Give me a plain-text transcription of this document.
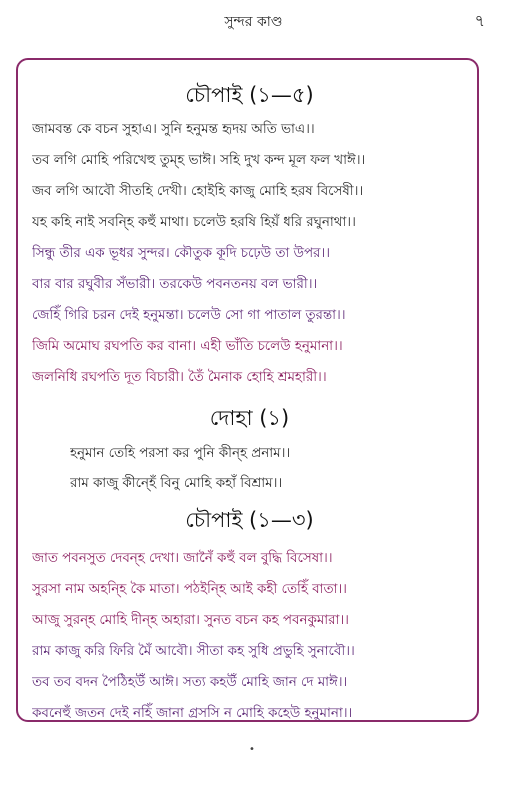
সুন্দর কাণ্ড	৭
চৌপাই (১—৫)
জামবন্ত কে বচন সুহাএ। সুনি হনুমন্ত হৃদয় অতি ভাএ।।
তব লগি মোহি পরিখেহু তুম্হ ভাঈ। সহি দুখ কন্দ মূল ফল খাঈ।।
জব লগি আবৌ সীতহি দেখী। হোইহি কাজু মোহি হরষ বিসেষী।।
যহ কহি নাই সবন্হি কহুঁ মাথা। চলেউ হরষি হিয়ঁ ধরি রঘুনাথা।।
সিন্ধু তীর এক ভূধর সুন্দর। কৌতুক কূদি চঢ়েউ তা উপর।।
বার বার রঘুবীর সঁভারী। তরকেউ পবনতনয় বল ভারী।।
জেহিঁ গিরি চরন দেই হনুমন্তা। চলেউ সো গা পাতাল তুরন্তা।।
জিমি অমোঘ রঘপতি কর বানা। এহী ভাঁতি চলেউ হনুমানা।।
জলনিধি রঘপতি দূত বিচারী। তৈঁ মৈনাক হোহি শ্রমহারী।।
দোহা (১)
হনুমান তেহি পরসা কর পুনি কীন্হ প্রনাম।।
রাম কাজু কীন্হেঁ বিনু মোহি কহাঁ বিশ্রাম।।
চৌপাই (১—৩)
জাত পবনসুত দেবন্হ দেখা। জানৈঁ কহুঁ বল বুদ্ধি বিসেষা।।
সুরসা নাম অহন্হি কৈ মাতা। পঠইন্হি আই কহী তেহিঁ বাতা।।
আজু সুরন্হ মোহি দীন্হ অহারা। সুনত বচন কহ পবনকুমারা।।
রাম কাজু করি ফিরি মৈঁ আবৌ। সীতা কহ সুধি প্রভুহি সুনাবৌ।।
তব তব বদন পৈঠিহউঁ আঈ। সত্য কহউঁ মোহি জান দে মাঈ।।
কবনেহুঁ জতন দেই নহিঁ জানা গ্রসসি ন মোহি কহেউ হনুমানা।।
•
